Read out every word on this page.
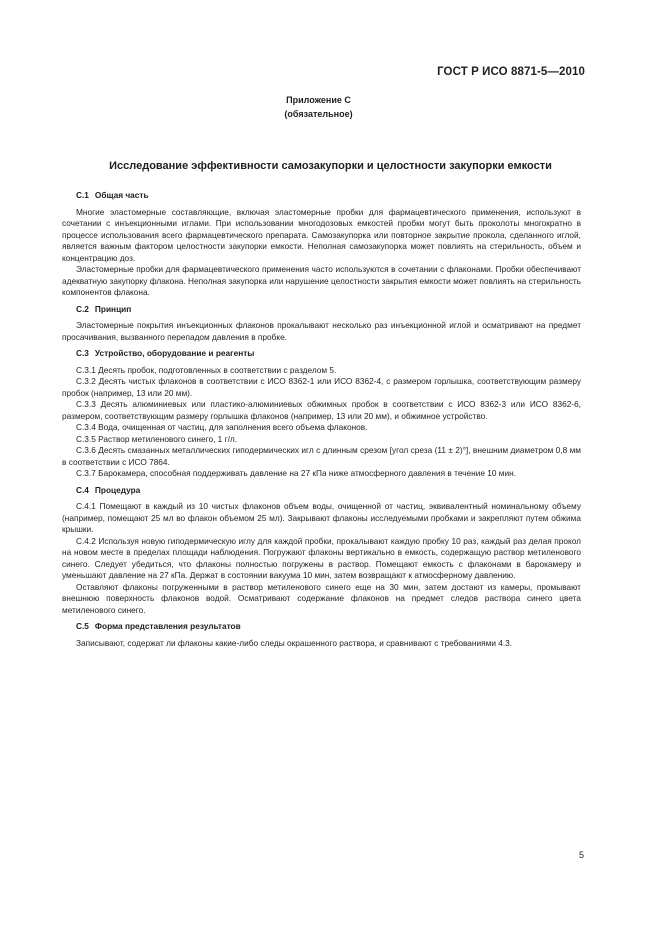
ГОСТ Р ИСО 8871-5—2010
Приложение С
(обязательное)
Исследование эффективности самозакупорки и целостности закупорки емкости

С.1 Общая часть

Многие эластомерные составляющие, включая эластомерные пробки для фармацевтического применения, используют в сочетании с инъекционными иглами. При использовании многодозовых емкостей пробки могут быть проколоты многократно в процессе использования всего фармацевтического препарата. Самозакупорка или повторное закрытие прокола, сделанного иглой, является важным фактором целостности закупорки емкости. Неполная самозакупорка может повлиять на стерильность, объем и концентрацию доз.

Эластомерные пробки для фармацевтического применения часто используются в сочетании с флаконами. Пробки обеспечивают адекватную закупорку флакона. Неполная закупорка или нарушение целостности закрытия емкости может повлиять на стерильность компонентов флакона.

С.2 Принцип

Эластомерные покрытия инъекционных флаконов прокалывают несколько раз инъекционной иглой и осматривают на предмет просачивания, вызванного перепадом давления в пробке.

С.3 Устройство, оборудование и реагенты

С.3.1 Десять пробок, подготовленных в соответствии с разделом 5.

С.3.2 Десять чистых флаконов в соответствии с ИСО 8362-1 или ИСО 8362-4, с размером горлышка, соответствующим размеру пробок (например, 13 или 20 мм).

С.3.3 Десять алюминиевых или пластико-алюминиевых обжимных пробок в соответствии с ИСО 8362-3 или ИСО 8362-6, размером, соответствующим размеру горлышка флаконов (например, 13 или 20 мм), и обжимное устройство.

С.3.4 Вода, очищенная от частиц, для заполнения всего объема флаконов.

С.3.5 Раствор метиленового синего, 1 г/л.

С.3.6 Десять смазанных металлических гиподермических игл с длинным срезом [угол среза (11 ± 2)°], внешним диаметром 0,8 мм в соответствии с ИСО 7864.

С.3.7 Барокамера, способная поддерживать давление на 27 кПа ниже атмосферного давления в течение 10 мин.

С.4 Процедура

С.4.1 Помещают в каждый из 10 чистых флаконов объем воды, очищенной от частиц, эквивалентный номинальному объему (например, помещают 25 мл во флакон объемом 25 мл). Закрывают флаконы исследуемыми пробками и закрепляют путем обжима крышки.

С.4.2 Используя новую гиподермическую иглу для каждой пробки, прокалывают каждую пробку 10 раз, каждый раз делая прокол на новом месте в пределах площади наблюдения. Погружают флаконы вертикально в емкость, содержащую раствор метиленового синего. Следует убедиться, что флаконы полностью погружены в раствор. Помещают емкость с флаконами в барокамеру и уменьшают давление на 27 кПа. Держат в состоянии вакуума 10 мин, затем возвращают к атмосферному давлению.

Оставляют флаконы погруженными в раствор метиленового синего еще на 30 мин, затем достают из камеры, промывают внешнюю поверхность флаконов водой. Осматривают содержание флаконов на предмет следов раствора синего цвета метиленового синего.

С.5 Форма представления результатов

Записывают, содержат ли флаконы какие-либо следы окрашенного раствора, и сравнивают с требованиями 4.3.

5
